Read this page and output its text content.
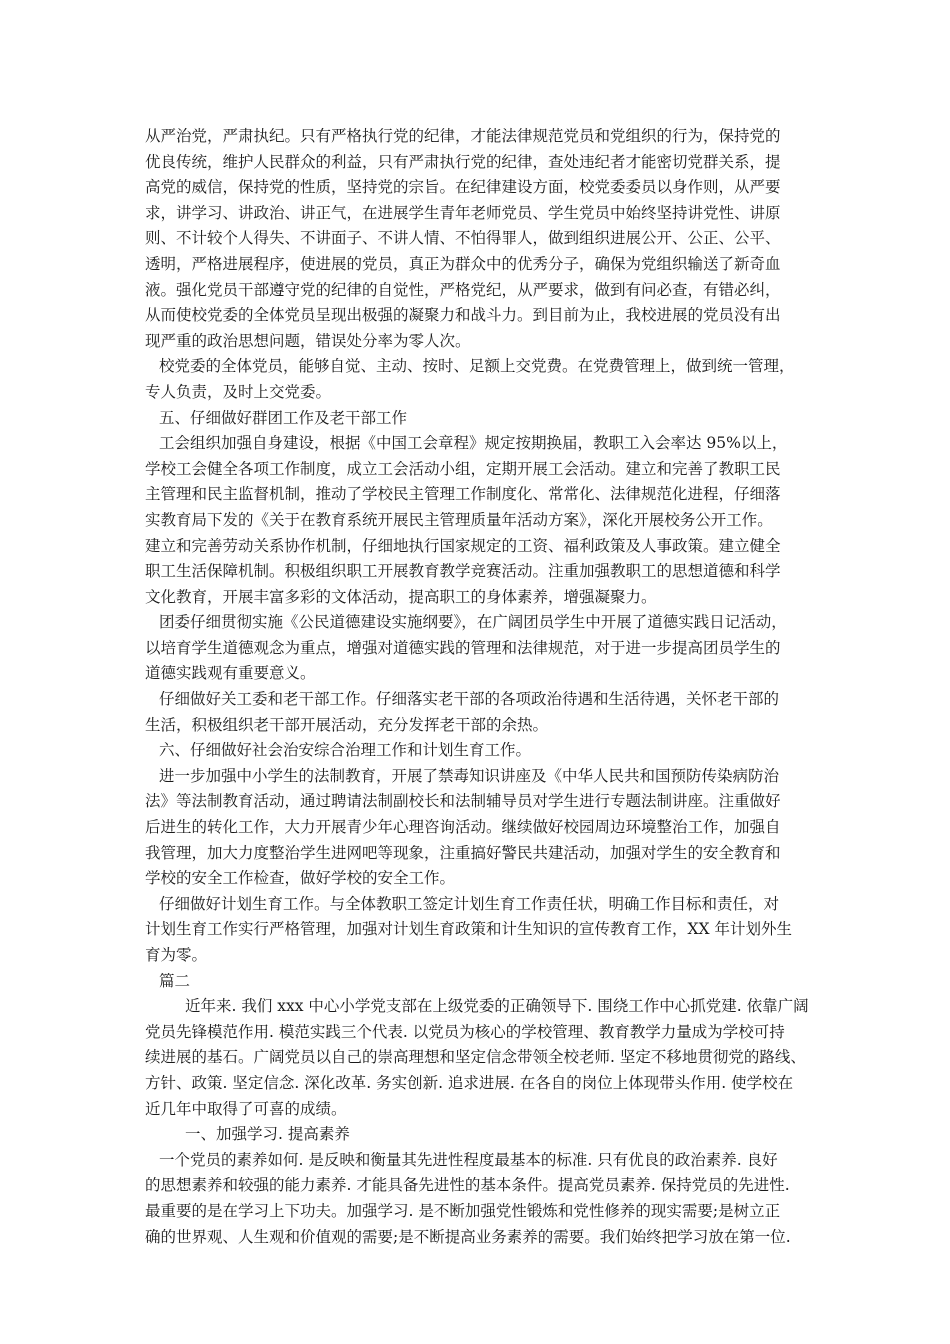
从严治党，严肃执纪。只有严格执行党的纪律，才能法律规范党员和党组织的行为，保持党的
优良传统，维护人民群众的利益，只有严肃执行党的纪律，查处违纪者才能密切党群关系，提
高党的威信，保持党的性质，坚持党的宗旨。在纪律建设方面，校党委委员以身作则，从严要
求，讲学习、讲政治、讲正气，在进展学生青年老师党员、学生党员中始终坚持讲党性、讲原
则、不计较个人得失、不讲面子、不讲人情、不怕得罪人，做到组织进展公开、公正、公平、
透明，严格进展程序，使进展的党员，真正为群众中的优秀分子，确保为党组织输送了新奇血
液。强化党员干部遵守党的纪律的自觉性，严格党纪，从严要求，做到有问必查，有错必纠，
从而使校党委的全体党员呈现出极强的凝聚力和战斗力。到目前为止，我校进展的党员没有出
现严重的政治思想问题，错误处分率为零人次。
校党委的全体党员，能够自觉、主动、按时、足额上交党费。在党费管理上，做到统一管理，
专人负责，及时上交党委。
五、仔细做好群团工作及老干部工作
工会组织加强自身建设，根据《中国工会章程》规定按期换届，教职工入会率达 95%以上，
学校工会健全各项工作制度，成立工会活动小组，定期开展工会活动。建立和完善了教职工民
主管理和民主监督机制，推动了学校民主管理工作制度化、常常化、法律规范化进程，仔细落
实教育局下发的《关于在教育系统开展民主管理质量年活动方案》，深化开展校务公开工作。
建立和完善劳动关系协作机制，仔细地执行国家规定的工资、福利政策及人事政策。建立健全
职工生活保障机制。积极组织职工开展教育教学竞赛活动。注重加强教职工的思想道德和科学
文化教育，开展丰富多彩的文体活动，提高职工的身体素养，增强凝聚力。
团委仔细贯彻实施《公民道德建设实施纲要》，在广阔团员学生中开展了道德实践日记活动，
以培育学生道德观念为重点，增强对道德实践的管理和法律规范，对于进一步提高团员学生的
道德实践观有重要意义。
仔细做好关工委和老干部工作。仔细落实老干部的各项政治待遇和生活待遇，关怀老干部的
生活，积极组织老干部开展活动，充分发挥老干部的余热。
六、仔细做好社会治安综合治理工作和计划生育工作。
进一步加强中小学生的法制教育，开展了禁毒知识讲座及《中华人民共和国预防传染病防治
法》等法制教育活动，通过聘请法制副校长和法制辅导员对学生进行专题法制讲座。注重做好
后进生的转化工作，大力开展青少年心理咨询活动。继续做好校园周边环境整治工作，加强自
我管理，加大力度整治学生进网吧等现象，注重搞好警民共建活动，加强对学生的安全教育和
学校的安全工作检查，做好学校的安全工作。
仔细做好计划生育工作。与全体教职工签定计划生育工作责任状，明确工作目标和责任，对
计划生育工作实行严格管理，加强对计划生育政策和计生知识的宣传教育工作，XX 年计划外生
育为零。
篇二
近年来. 我们 xxx 中心小学党支部在上级党委的正确领导下. 围绕工作中心抓党建. 依靠广阔
党员先锋模范作用. 模范实践三个代表. 以党员为核心的学校管理、教育教学力量成为学校可持
续进展的基石。广阔党员以自己的崇高理想和坚定信念带领全校老师. 坚定不移地贯彻党的路线、
方针、政策. 坚定信念. 深化改革. 务实创新. 追求进展. 在各自的岗位上体现带头作用. 使学校在
近几年中取得了可喜的成绩。
一、加强学习. 提高素养
一个党员的素养如何. 是反映和衡量其先进性程度最基本的标准. 只有优良的政治素养. 良好
的思想素养和较强的能力素养. 才能具备先进性的基本条件。提高党员素养. 保持党员的先进性.
最重要的是在学习上下功夫。加强学习. 是不断加强党性锻炼和党性修养的现实需要;是树立正
确的世界观、人生观和价值观的需要;是不断提高业务素养的需要。我们始终把学习放在第一位.
